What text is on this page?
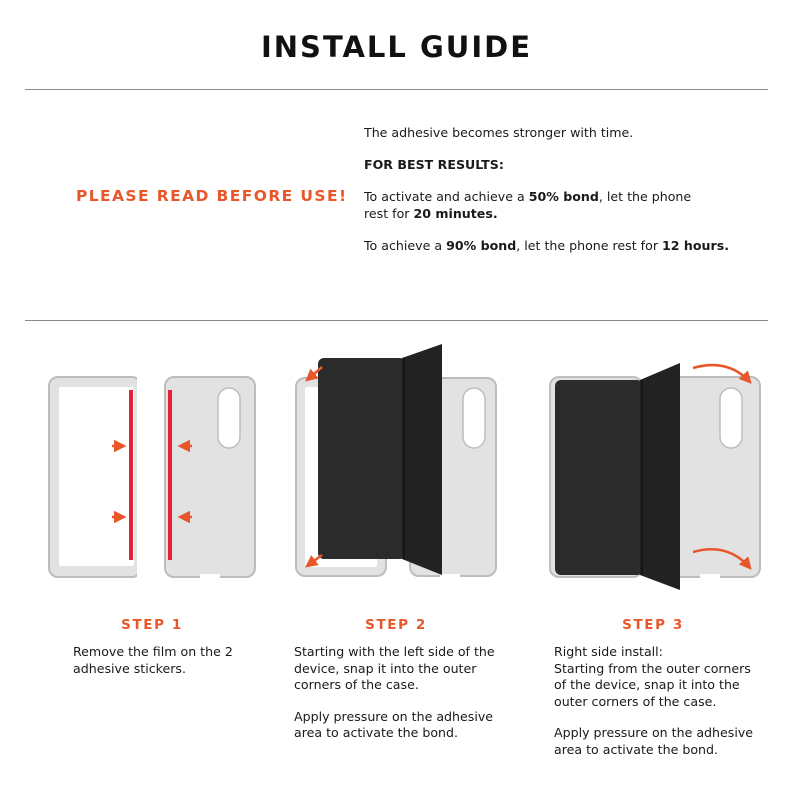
INSTALL GUIDE
PLEASE READ BEFORE USE!

The adhesive becomes stronger with time.

FOR BEST RESULTS:

To activate and achieve a 50% bond, let the phone
rest for 20 minutes.

To achieve a 90% bond, let the phone rest for 12 hours.

STEP 1	STEP 2	STEP 3

Remove the film on the 2
adhesive stickers.

Starting with the left side of the
device, snap it into the outer
corners of the case.

Apply pressure on the adhesive
area to activate the bond.

Right side install:
Starting from the outer corners
of the device, snap it into the
outer corners of the case.

Apply pressure on the adhesive
area to activate the bond.
